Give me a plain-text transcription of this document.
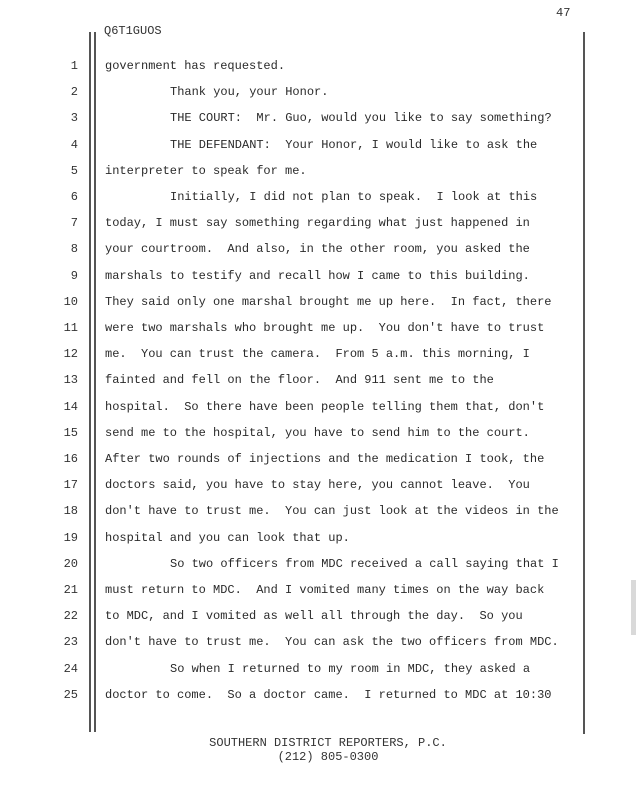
47
Q6T1GUOS
1
2
3
4
5
6
7
8
9
10
11
12
13
14
15
16
17
18
19
20
21
22
23
24
25
government has requested.
Thank you, your Honor.
THE COURT:  Mr. Guo, would you like to say something?
THE DEFENDANT:  Your Honor, I would like to ask the
interpreter to speak for me.
Initially, I did not plan to speak.  I look at this
today, I must say something regarding what just happened in
your courtroom.  And also, in the other room, you asked the
marshals to testify and recall how I came to this building.
They said only one marshal brought me up here.  In fact, there
were two marshals who brought me up.  You don't have to trust
me.  You can trust the camera.  From 5 a.m. this morning, I
fainted and fell on the floor.  And 911 sent me to the
hospital.  So there have been people telling them that, don't
send me to the hospital, you have to send him to the court.
After two rounds of injections and the medication I took, the
doctors said, you have to stay here, you cannot leave.  You
don't have to trust me.  You can just look at the videos in the
hospital and you can look that up.
So two officers from MDC received a call saying that I
must return to MDC.  And I vomited many times on the way back
to MDC, and I vomited as well all through the day.  So you
don't have to trust me.  You can ask the two officers from MDC.
So when I returned to my room in MDC, they asked a
doctor to come.  So a doctor came.  I returned to MDC at 10:30
SOUTHERN DISTRICT REPORTERS, P.C.
(212) 805-0300
